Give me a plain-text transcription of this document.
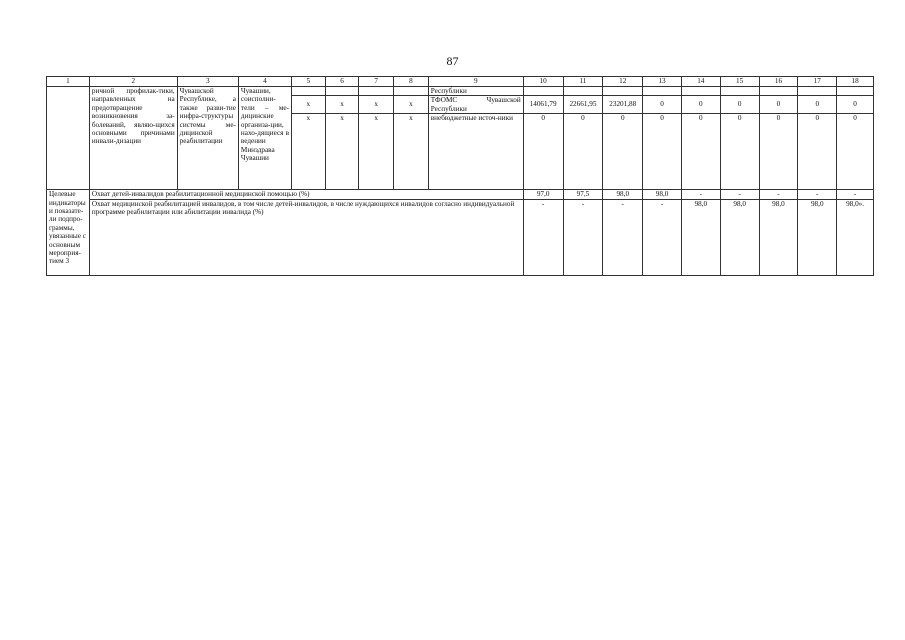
87
1	2	3	4	5	6	7	8	9	10	11	12	13	14	15	16	17	18
	ричной профилак-тики, направленных на предотвращение возникновения за-болеваний, являю-щихся основными причинами инвали-дизации	Чувашской Республике, а также разви-тие инфра-структуры системы ме-дицинской реабилитации	Чувашии, соисполни-тели – ме-дицинские организа-ции, нахо-дящиеся в ведении Минздрава Чувашии					Республики									

				x	x	x	x	ТФОМС Чувашской Республики	14061,79	22661,95	23201,88	0	0	0	0	0	0

				x	x	x	x	внебюджетные источ-ники	0	0	0	0	0	0	0	0	0
Целевые индикаторы и показате-ли подпро-граммы, увязанные с основным мероприя-тием 3	Охват детей-инвалидов реабилитационной медицинской помощью (%)								97,0	97,5	98,0	98,0	-	-	-	-	-
	Охват медицинской реабилитацией инвалидов, в том числе детей-инвалидов, в числе нуждающихся инвалидов согласно индивидуальной программе реабилитации или абилитации инвалида (%)								-	-	-	-	98,0	98,0	98,0	98,0	98,0».
